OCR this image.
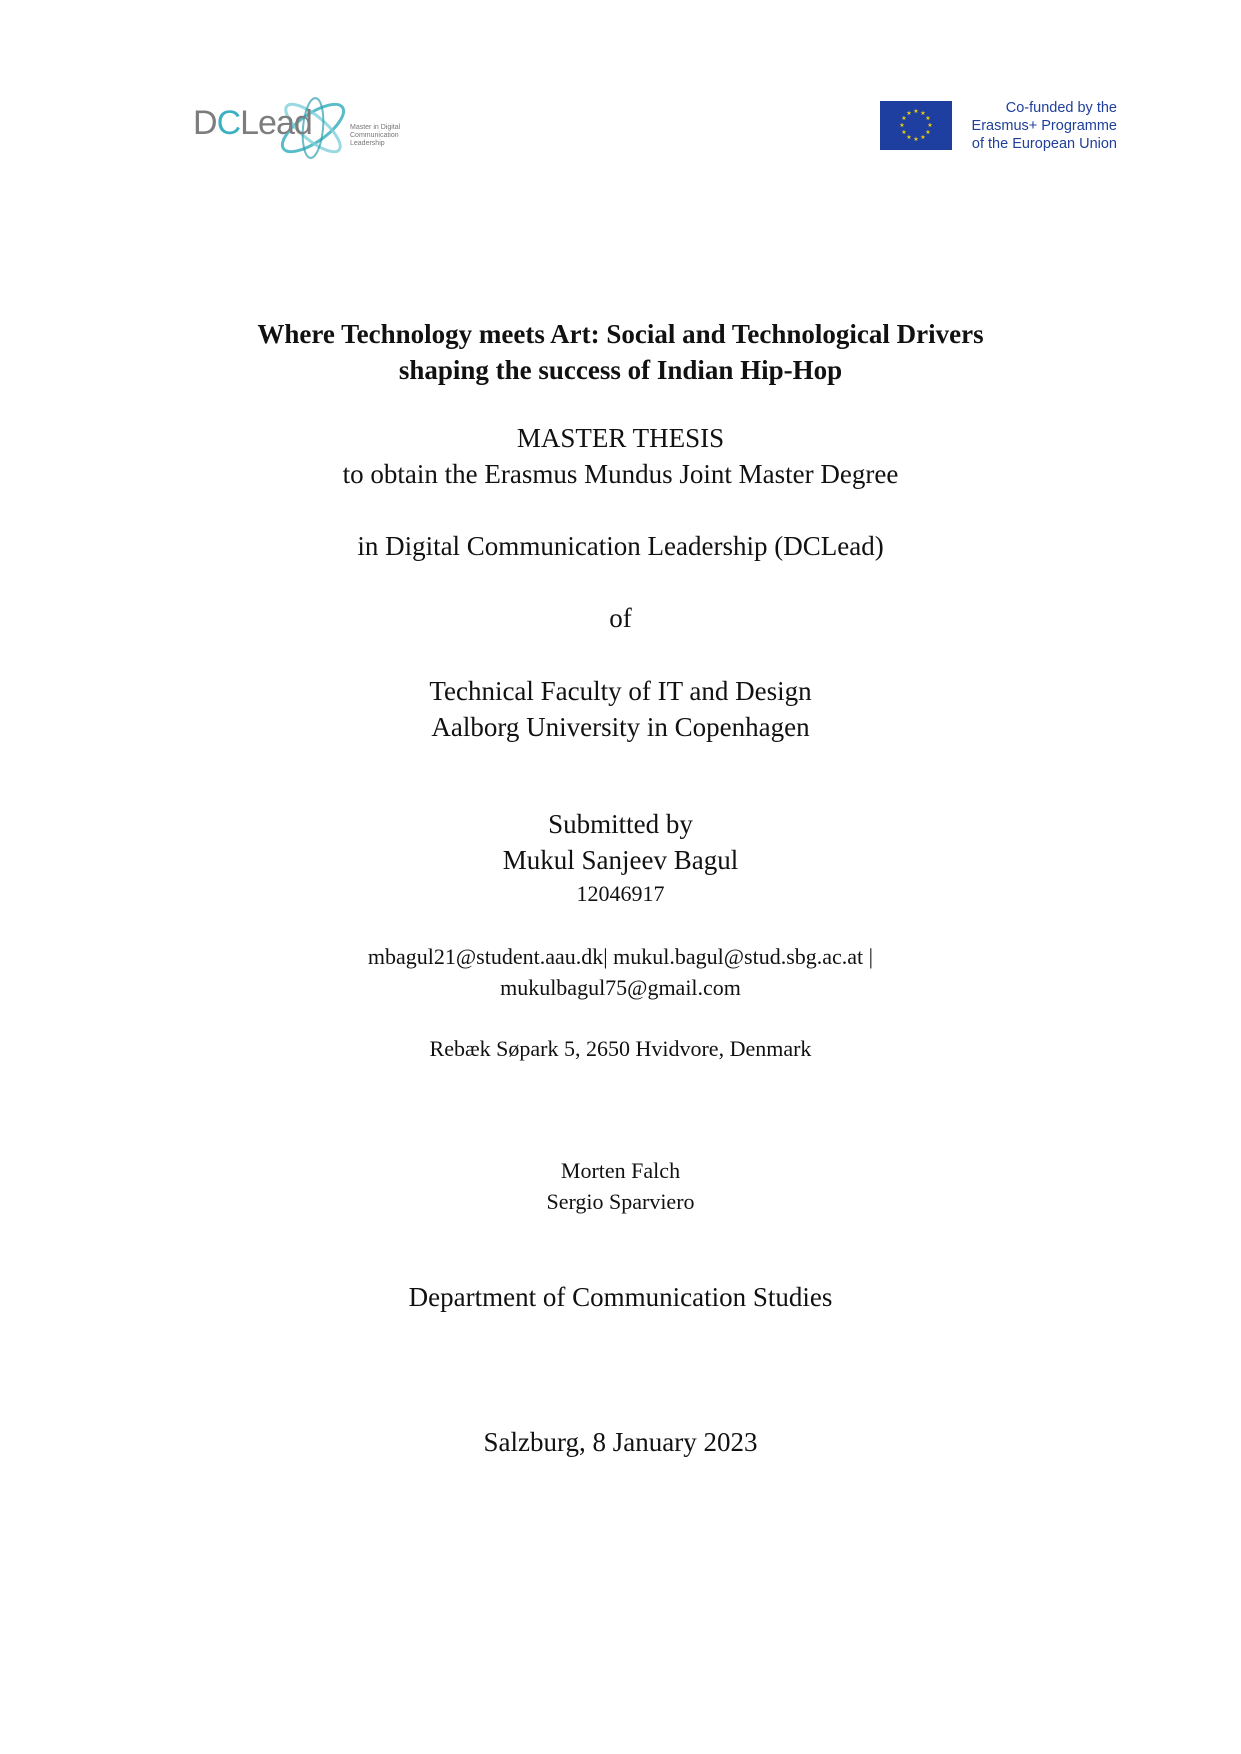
DCLead	Master in Digital
Communication
Leadership
★ ★
★
★
★
★
★
★
★
★
★
★	Co-funded by the
Erasmus+ Programme
of the European Union
Where Technology meets Art: Social and Technological Drivers
shaping the success of Indian Hip-Hop
MASTER THESIS
to obtain the Erasmus Mundus Joint Master Degree
in Digital Communication Leadership (DCLead)
of
Technical Faculty of IT and Design
Aalborg University in Copenhagen
Submitted by
Mukul Sanjeev Bagul
12046917
mbagul21@student.aau.dk| mukul.bagul@stud.sbg.ac.at |
mukulbagul75@gmail.com
Rebæk Søpark 5, 2650 Hvidvore, Denmark
Morten Falch
Sergio Sparviero
Department of Communication Studies
Salzburg, 8 January 2023
